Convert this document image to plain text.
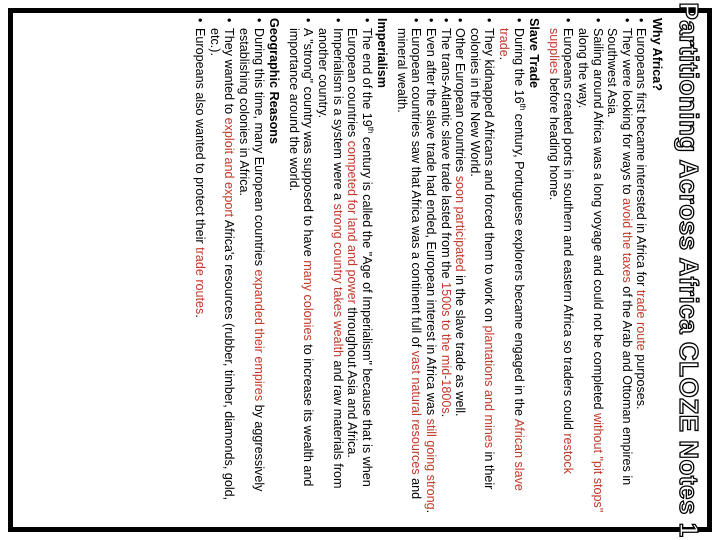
Partitioning Across Africa CLOZE Notes 1
Why Africa?
•
Europeans first became interested in Africa for trade route purposes.
•
They were looking for ways to avoid the taxes of the Arab and Ottoman empires in Southwest Asia.
•
Sailing around Africa was a long voyage and could not be completed without "pit stops" along the way.
•
Europeans created ports in southern and eastern Africa so traders could restock supplies before heading home.
Slave Trade
•
During the 16th century, Portuguese explorers became engaged in the African slave trade.
•
They kidnapped Africans and forced them to work on plantations and mines in their colonies in the New World.
•
Other European countries soon participated in the slave trade as well.
•
The trans-Atlantic slave trade lasted from the 1500s to the mid-1800s.
•
Even after the slave trade had ended, European interest in Africa was still going strong.
•
European countries saw that Africa was a continent full of vast natural resources and mineral wealth.
Imperialism
•
The end of the 19th century is called the "Age of Imperialism" because that is when European countries competed for land and power throughout Asia and Africa.
•
Imperialism is a system were a strong country takes wealth and raw materials from another country.
•
A "strong" country was supposed to have many colonies to increase its wealth and importance around the world.
Geographic Reasons
•
During this time, many European countries expanded their empires by aggressively establishing colonies in Africa.
•
They wanted to exploit and export Africa's resources (rubber, timber, diamonds, gold, etc.).
•
Europeans also wanted to protect their trade routes.
